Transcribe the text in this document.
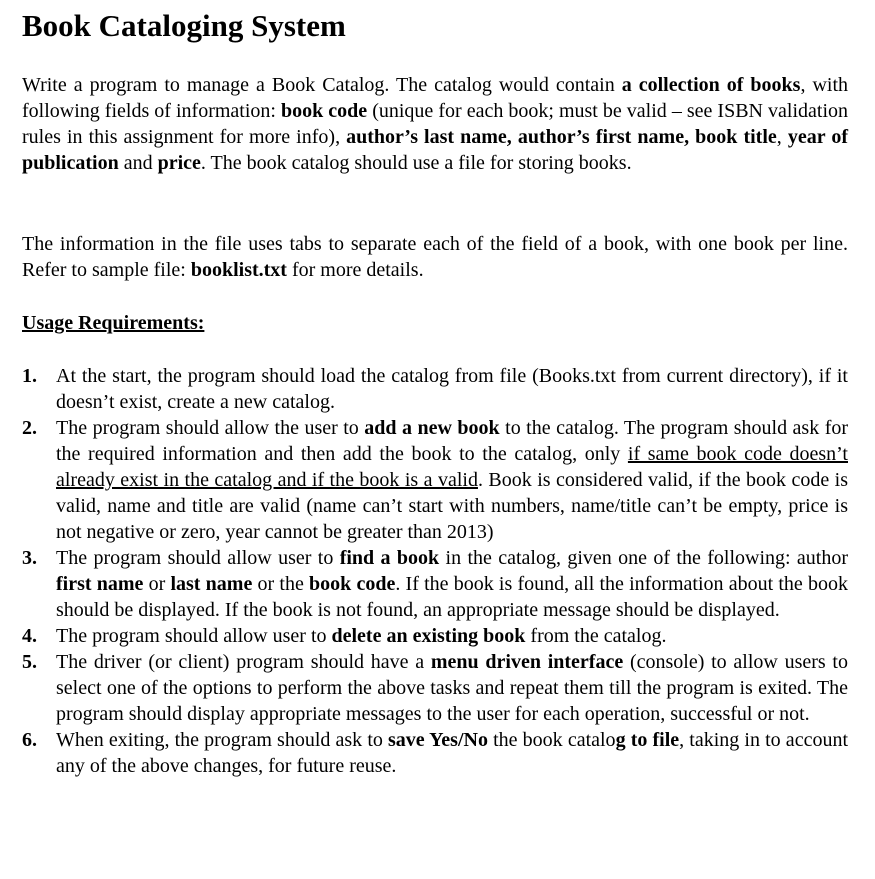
Book Cataloging System
Write a program to manage a Book Catalog. The catalog would contain a collection of books, with following fields of information: book code (unique for each book; must be valid – see ISBN validation rules in this assignment for more info), author’s last name, author’s first name, book title, year of publication and price. The book catalog should use a file for storing books.
The information in the file uses tabs to separate each of the field of a book, with one book per line. Refer to sample file: booklist.txt for more details.
Usage Requirements:
1. At the start, the program should load the catalog from file (Books.txt from current directory), if it doesn’t exist, create a new catalog.
2. The program should allow the user to add a new book to the catalog. The program should ask for the required information and then add the book to the catalog, only if same book code doesn’t already exist in the catalog and if the book is a valid. Book is considered valid, if the book code is valid, name and title are valid (name can’t start with numbers, name/title can’t be empty, price is not negative or zero, year cannot be greater than 2013)
3. The program should allow user to find a book in the catalog, given one of the following: author first name or last name or the book code. If the book is found, all the information about the book should be displayed. If the book is not found, an appropriate message should be displayed.
4. The program should allow user to delete an existing book from the catalog.
5. The driver (or client) program should have a menu driven interface (console) to allow users to select one of the options to perform the above tasks and repeat them till the program is exited. The program should display appropriate messages to the user for each operation, successful or not.
6. When exiting, the program should ask to save Yes/No the book catalog to file, taking in to account any of the above changes, for future reuse.
